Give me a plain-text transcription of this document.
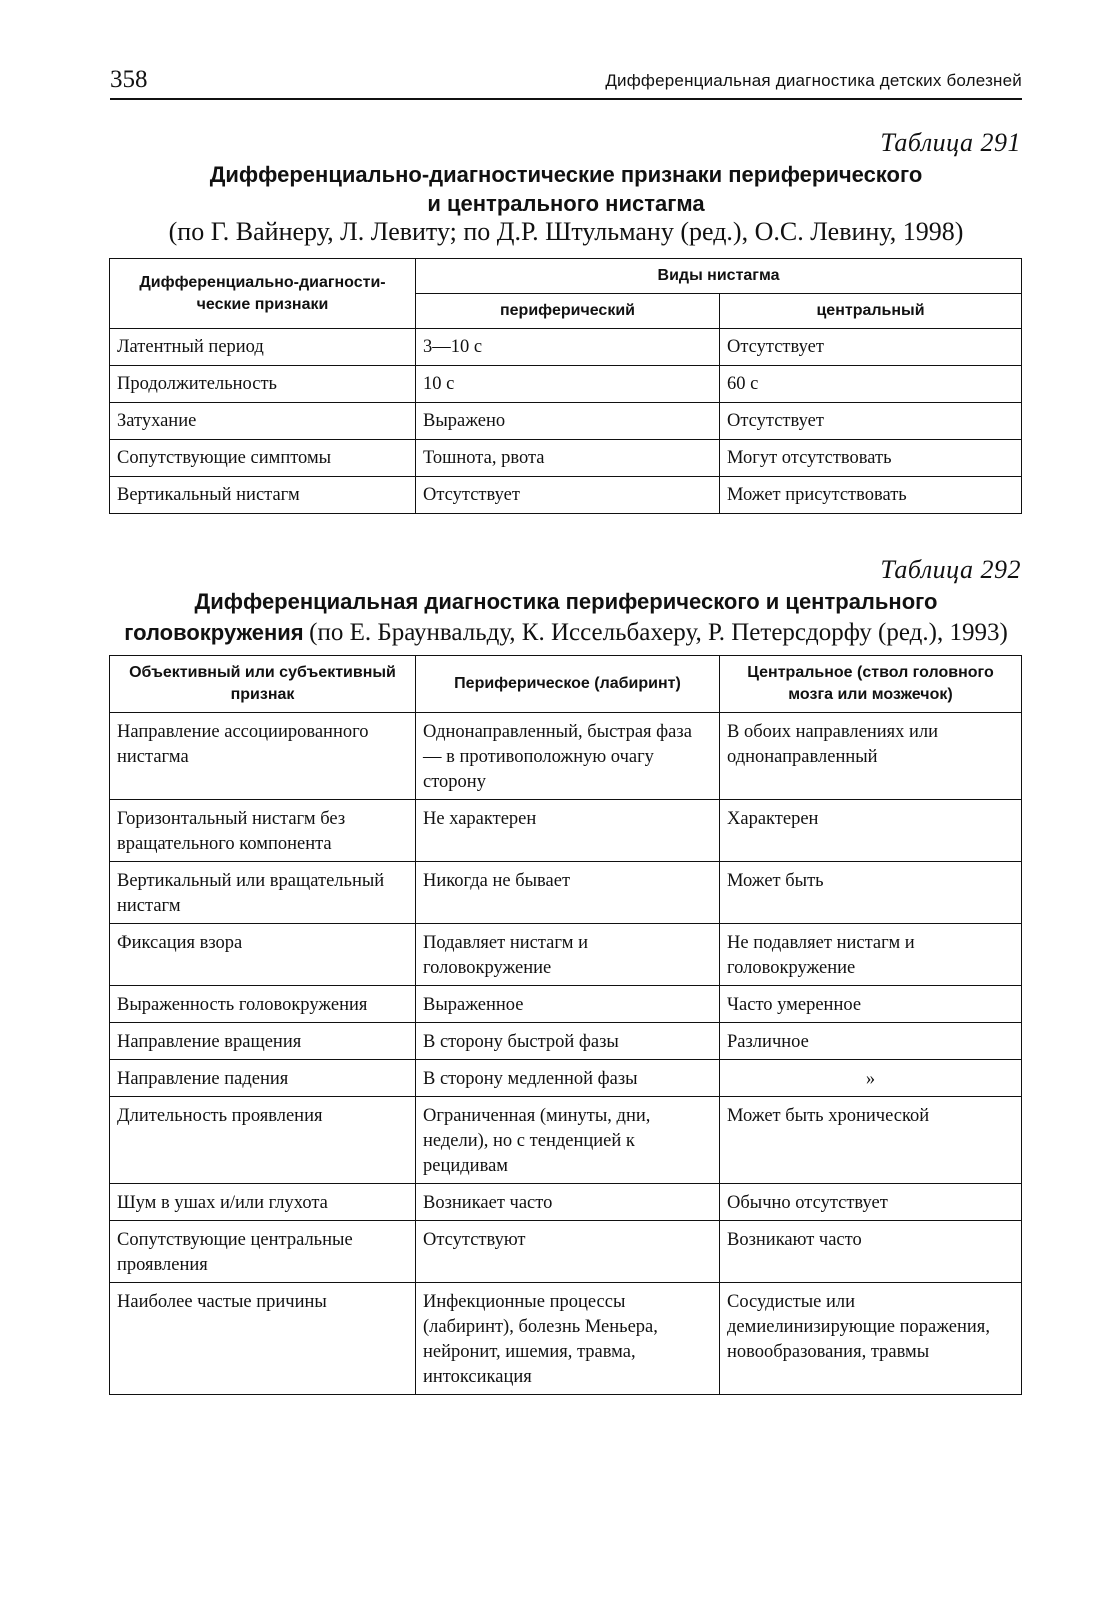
358	Дифференциальная диагностика детских болезней
Таблица 291
Дифференциально-диагностические признаки периферического
и центрального нистагма
(по Г. Вайнеру, Л. Левиту; по Д.Р. Штульману (ред.), О.С. Левину, 1998)
Дифференциально-диагности-ческие признаки	Виды нистагма	
	периферический	центральный
Латентный период	3—10 с	Отсутствует
Продолжительность	10 с	60 с
Затухание	Выражено	Отсутствует
Сопутствующие симптомы	Тошнота, рвота	Могут отсутствовать
Вертикальный нистагм	Отсутствует	Может присутствовать
Таблица 292
Дифференциальная диагностика периферического и центрального
головокружения (по Е. Браунвальду, К. Иссельбахеру, Р. Петерсдорфу (ред.), 1993)
Объективный или субъективный признак	Периферическое (лабиринт)	Центральное (ствол головного мозга или мозжечок)
Направление ассоциированного нистагма	Однонаправленный, быстрая фаза — в противоположную очагу сторону	В обоих направлениях или однонаправленный
Горизонтальный нистагм без вращательного компонента	Не характерен	Характерен
Вертикальный или вращательный нистагм	Никогда не бывает	Может быть
Фиксация взора	Подавляет нистагм и головокружение	Не подавляет нистагм и головокружение
Выраженность головокружения	Выраженное	Часто умеренное
Направление вращения	В сторону быстрой фазы	Различное
Направление падения	В сторону медленной фазы	»
Длительность проявления	Ограниченная (минуты, дни, недели), но с тенденцией к рецидивам	Может быть хронической
Шум в ушах и/или глухота	Возникает часто	Обычно отсутствует
Сопутствующие центральные проявления	Отсутствуют	Возникают часто
Наиболее частые причины	Инфекционные процессы (лабиринт), болезнь Меньера, нейронит, ишемия, травма, интоксикация	Сосудистые или демиелинизирующие поражения, новообразования, травмы
